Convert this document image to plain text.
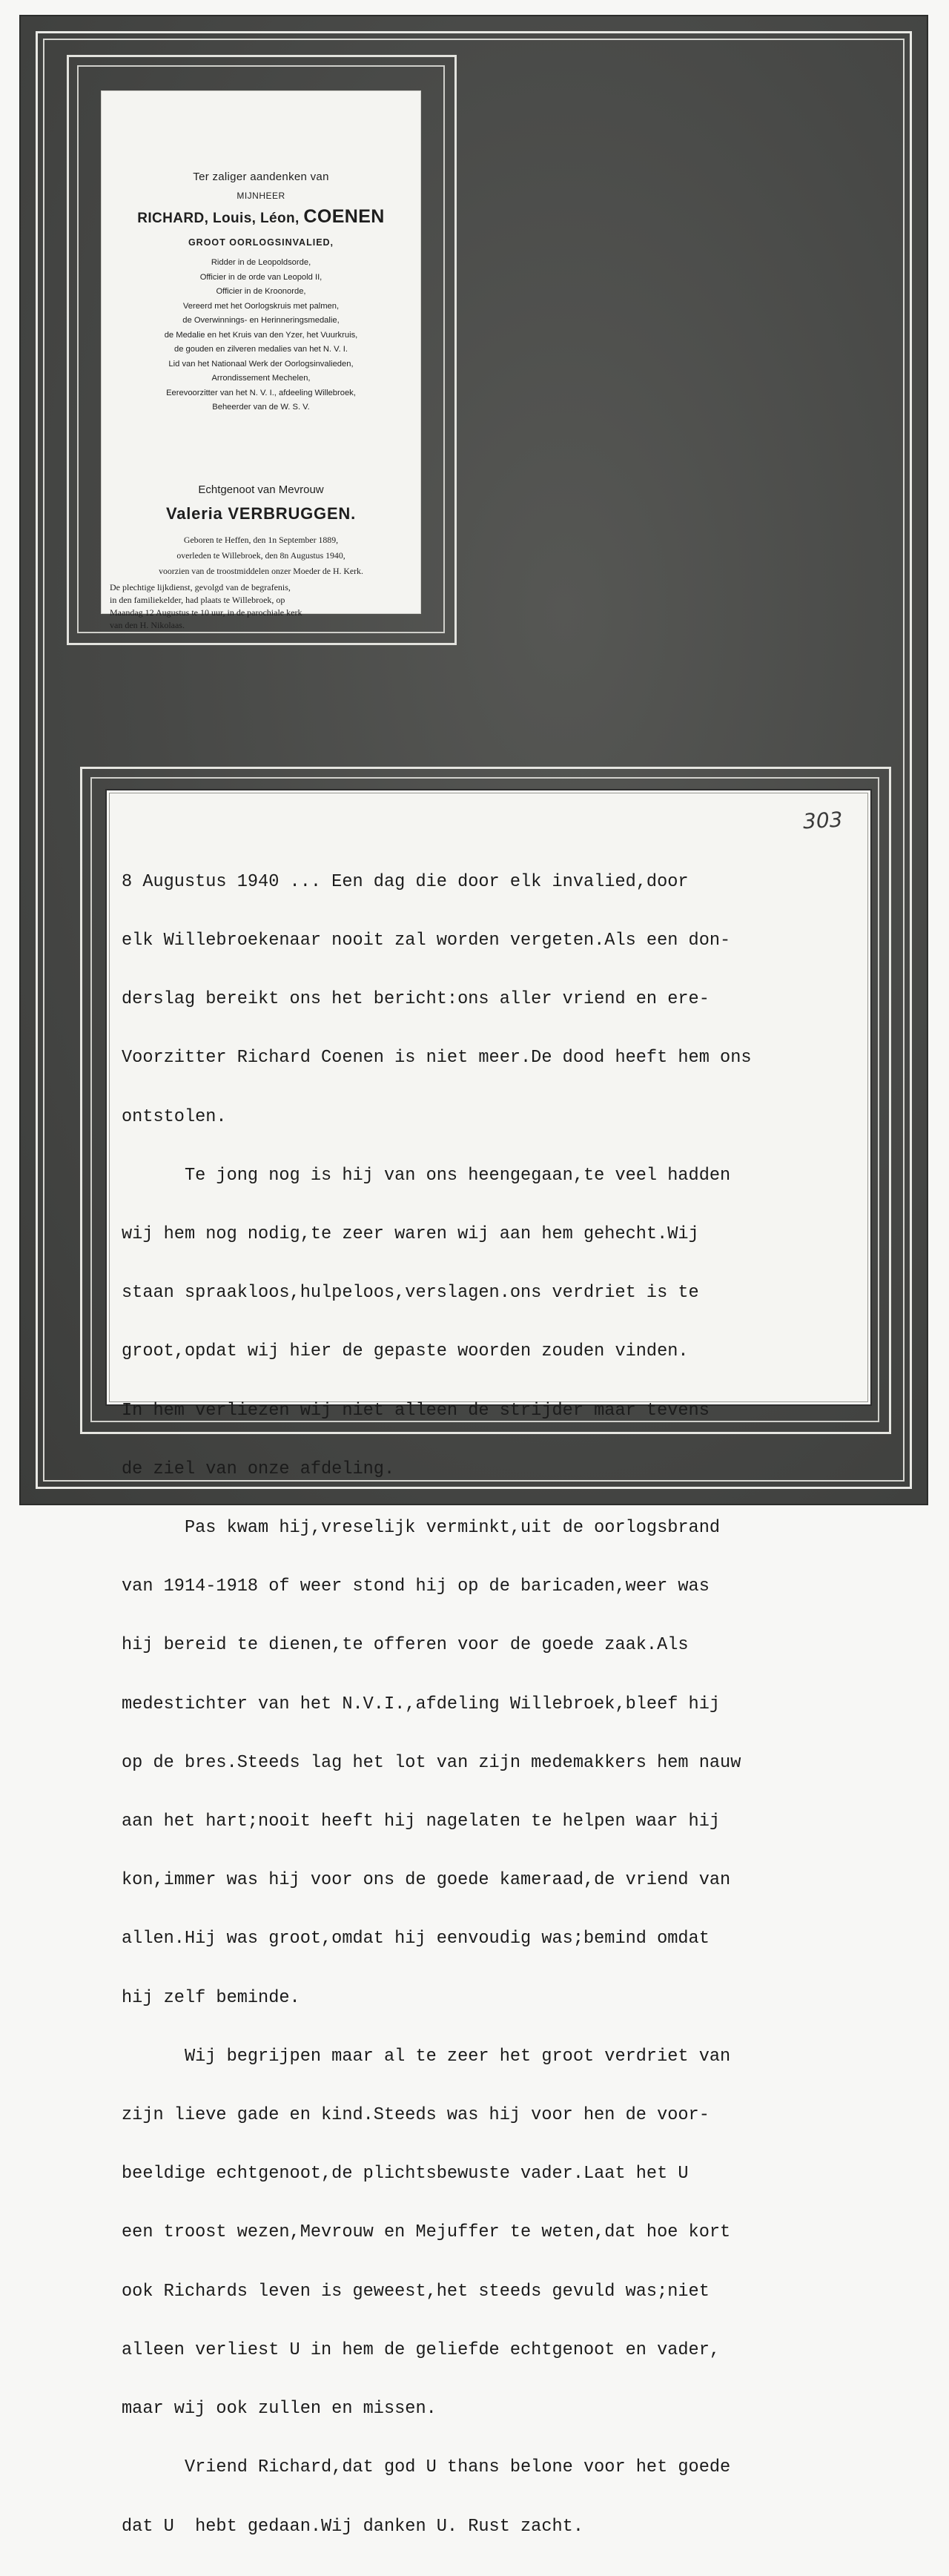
Ter zaliger aandenken van
MIJNHEER
RICHARD, Louis, Léon, COENEN
GROOT OORLOGSINVALIED,
Ridder in de Leopoldsorde,
Officier in de orde van Leopold II,
Officier in de Kroonorde,
Vereerd met het Oorlogskruis met palmen,
de Overwinnings- en Herinneringsmedalie,
de Medalie en het Kruis van den Yzer, het Vuurkruis,
de gouden en zilveren medalies van het N. V. I.
Lid van het Nationaal Werk der Oorlogsinvalieden,
Arrondissement Mechelen,
Eerevoorzitter van het N. V. I., afdeeling Willebroek,
Beheerder van de W. S. V.
Echtgenoot van Mevrouw
Valeria VERBRUGGEN.
Geboren te Heffen, den 1n September 1889,
overleden te Willebroek, den 8n Augustus 1940,
voorzien van de troostmiddelen onzer Moeder de H. Kerk.
De plechtige lijkdienst, gevolgd van de begrafenis,
in den familiekelder, had plaats te Willebroek, op
Maandag 12 Augustus te 10 uur, in de parochiale kerk
van den H. Nikolaas.
303

8 Augustus 1940 ... Een dag die door elk invalied,door

elk Willebroekenaar nooit zal worden vergeten.Als een don-

derslag bereikt ons het bericht:ons aller vriend en ere-

Voorzitter Richard Coenen is niet meer.De dood heeft hem ons

ontstolen.

Te jong nog is hij van ons heengegaan,te veel hadden

wij hem nog nodig,te zeer waren wij aan hem gehecht.Wij

staan spraakloos,hulpeloos,verslagen.ons verdriet is te

groot,opdat wij hier de gepaste woorden zouden vinden.

In hem verliezen wij niet alleen de strijder maar tevens

de ziel van onze afdeling.

Pas kwam hij,vreselijk verminkt,uit de oorlogsbrand

van 1914-1918 of weer stond hij op de baricaden,weer was

hij bereid te dienen,te offeren voor de goede zaak.Als

medestichter van het N.V.I.,afdeling Willebroek,bleef hij

op de bres.Steeds lag het lot van zijn medemakkers hem nauw

aan het hart;nooit heeft hij nagelaten te helpen waar hij

kon,immer was hij voor ons de goede kameraad,de vriend van

allen.Hij was groot,omdat hij eenvoudig was;bemind omdat

hij zelf beminde.

Wij begrijpen maar al te zeer het groot verdriet van

zijn lieve gade en kind.Steeds was hij voor hen de voor-

beeldige echtgenoot,de plichtsbewuste vader.Laat het U

een troost wezen,Mevrouw en Mejuffer te weten,dat hoe kort

ook Richards leven is geweest,het steeds gevuld was;niet

alleen verliest U in hem de geliefde echtgenoot en vader,

maar wij ook zullen en missen.

Vriend Richard,dat god U thans belone voor het goede

dat U  hebt gedaan.Wij danken U. Rust zacht.
